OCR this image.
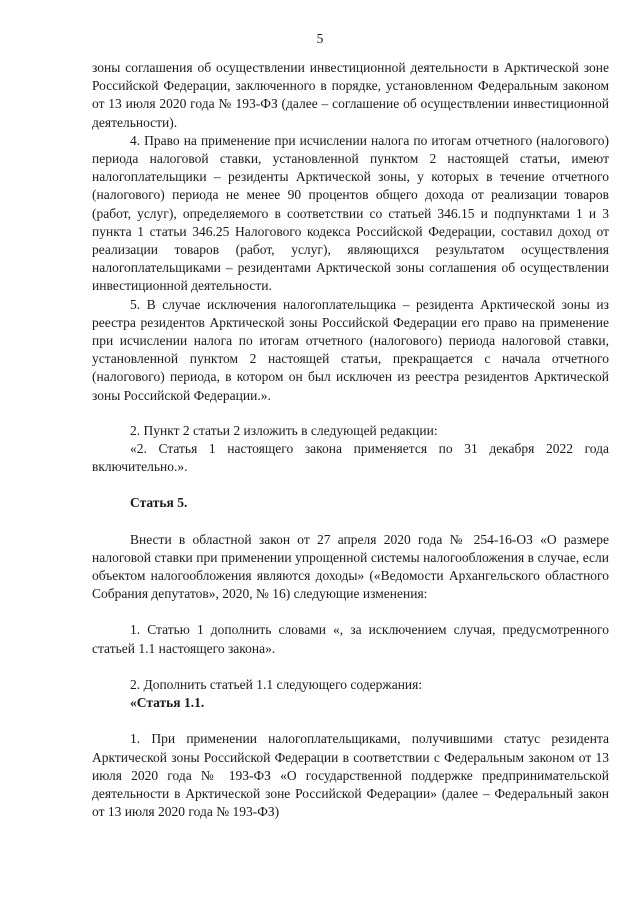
5

зоны соглашения об осуществлении инвестиционной деятельности в Арктической зоне Российской Федерации, заключенного в порядке, установленном Федеральным законом от 13 июля 2020 года № 193-ФЗ (далее – соглашение об осуществлении инвестиционной деятельности).

4. Право на применение при исчислении налога по итогам отчетного (налогового) периода налоговой ставки, установленной пунктом 2 настоящей статьи, имеют налогоплательщики – резиденты Арктической зоны, у которых в течение отчетного (налогового) периода не менее 90 процентов общего дохода от реализации товаров (работ, услуг), определяемого в соответствии со статьей 346.15 и подпунктами 1 и 3 пункта 1 статьи 346.25 Налогового кодекса Российской Федерации, составил доход от реализации товаров (работ, услуг), являющихся результатом осуществления налогоплательщиками – резидентами Арктической зоны соглашения об осуществлении инвестиционной деятельности.

5. В случае исключения налогоплательщика – резидента Арктической зоны из реестра резидентов Арктической зоны Российской Федерации его право на применение при исчислении налога по итогам отчетного (налогового) периода налоговой ставки, установленной пунктом 2 настоящей статьи, прекращается с начала отчетного (налогового) периода, в котором он был исключен из реестра резидентов Арктической зоны Российской Федерации.».

2. Пункт 2 статьи 2 изложить в следующей редакции:

«2. Статья 1 настоящего закона применяется по 31 декабря 2022 года включительно.».

Статья 5.

Внести в областной закон от 27 апреля 2020 года № 254-16-ОЗ «О размере налоговой ставки при применении упрощенной системы налогообложения в случае, если объектом налогообложения являются доходы» («Ведомости Архангельского областного Собрания депутатов», 2020, № 16) следующие изменения:

1. Статью 1 дополнить словами «, за исключением случая, предусмотренного статьей 1.1 настоящего закона».

2. Дополнить статьей 1.1 следующего содержания:

«Статья 1.1.

1. При применении налогоплательщиками, получившими статус резидента Арктической зоны Российской Федерации в соответствии с Федеральным законом от 13 июля 2020 года № 193-ФЗ «О государственной поддержке предпринимательской деятельности в Арктической зоне Российской Федерации» (далее – Федеральный закон от 13 июля 2020 года № 193-ФЗ)
